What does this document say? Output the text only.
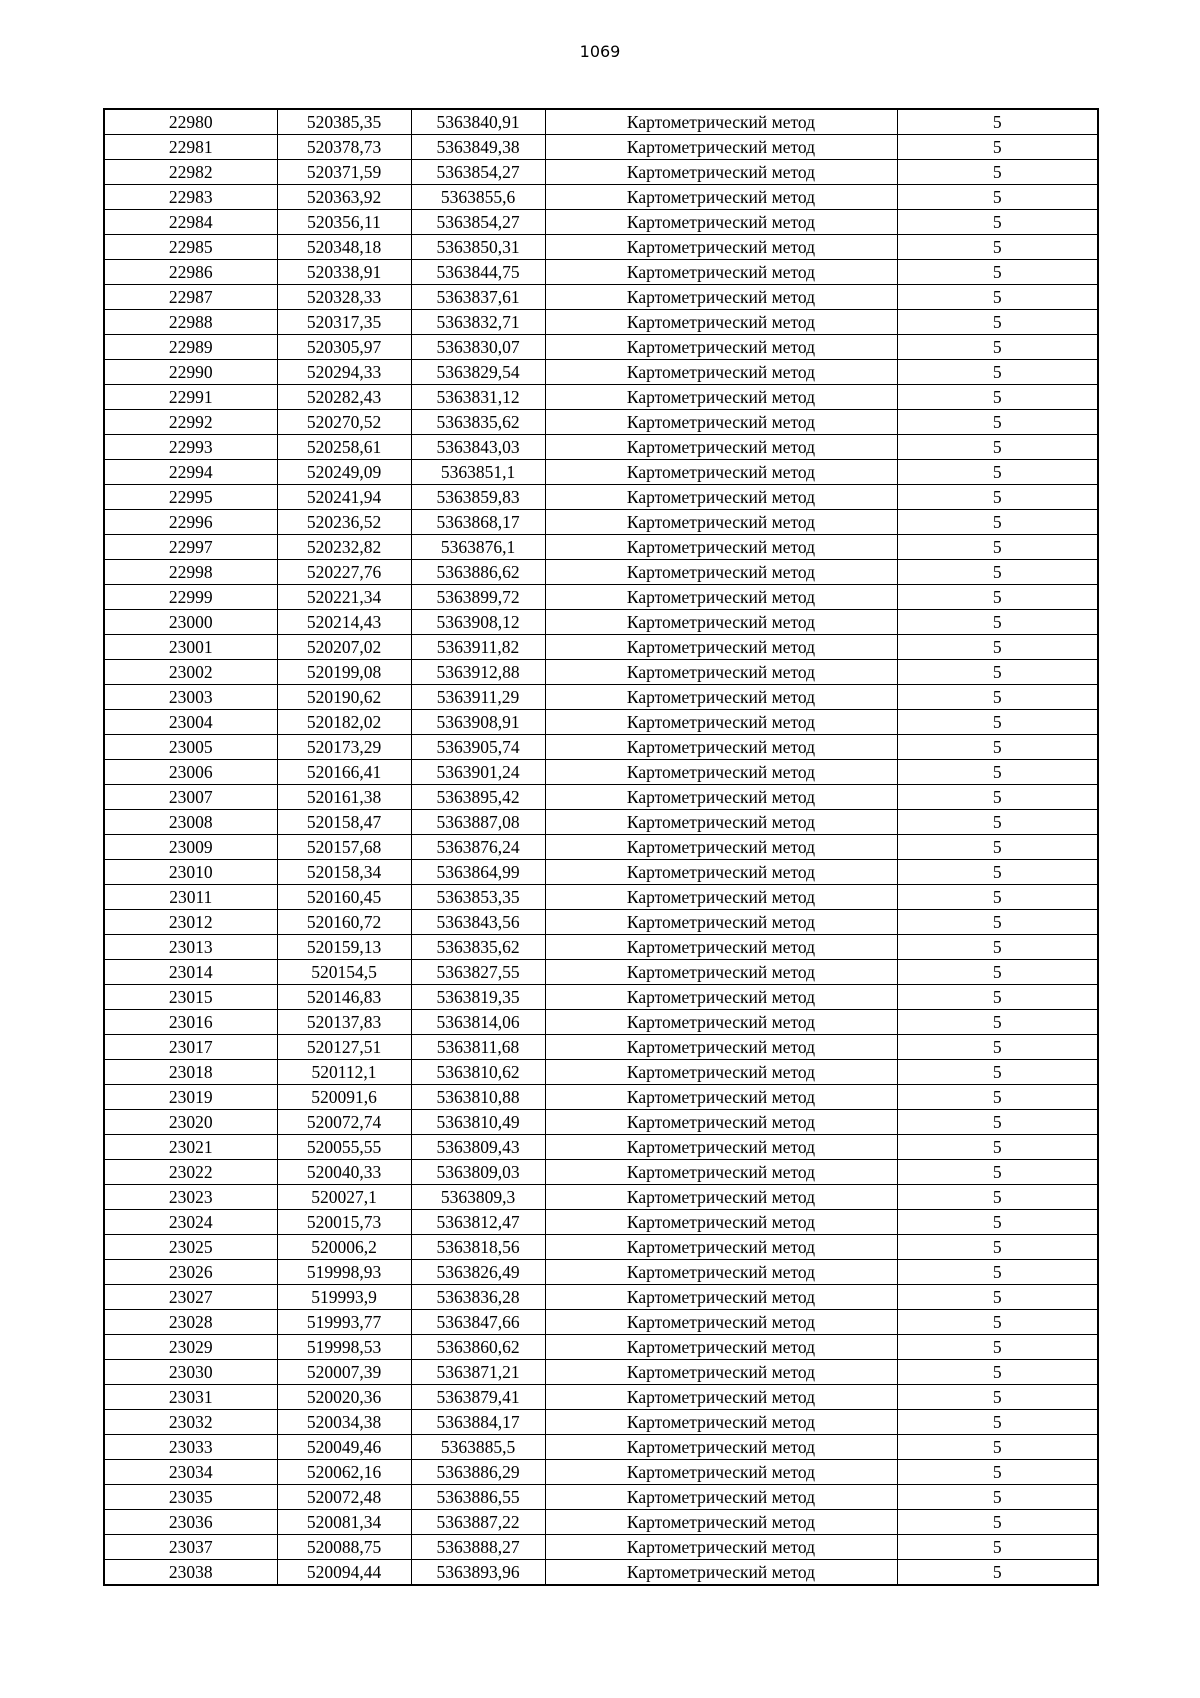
1069
22980	520385,35	5363840,91	Картометрический метод	5
22981	520378,73	5363849,38	Картометрический метод	5
22982	520371,59	5363854,27	Картометрический метод	5
22983	520363,92	5363855,6	Картометрический метод	5
22984	520356,11	5363854,27	Картометрический метод	5
22985	520348,18	5363850,31	Картометрический метод	5
22986	520338,91	5363844,75	Картометрический метод	5
22987	520328,33	5363837,61	Картометрический метод	5
22988	520317,35	5363832,71	Картометрический метод	5
22989	520305,97	5363830,07	Картометрический метод	5
22990	520294,33	5363829,54	Картометрический метод	5
22991	520282,43	5363831,12	Картометрический метод	5
22992	520270,52	5363835,62	Картометрический метод	5
22993	520258,61	5363843,03	Картометрический метод	5
22994	520249,09	5363851,1	Картометрический метод	5
22995	520241,94	5363859,83	Картометрический метод	5
22996	520236,52	5363868,17	Картометрический метод	5
22997	520232,82	5363876,1	Картометрический метод	5
22998	520227,76	5363886,62	Картометрический метод	5
22999	520221,34	5363899,72	Картометрический метод	5
23000	520214,43	5363908,12	Картометрический метод	5
23001	520207,02	5363911,82	Картометрический метод	5
23002	520199,08	5363912,88	Картометрический метод	5
23003	520190,62	5363911,29	Картометрический метод	5
23004	520182,02	5363908,91	Картометрический метод	5
23005	520173,29	5363905,74	Картометрический метод	5
23006	520166,41	5363901,24	Картометрический метод	5
23007	520161,38	5363895,42	Картометрический метод	5
23008	520158,47	5363887,08	Картометрический метод	5
23009	520157,68	5363876,24	Картометрический метод	5
23010	520158,34	5363864,99	Картометрический метод	5
23011	520160,45	5363853,35	Картометрический метод	5
23012	520160,72	5363843,56	Картометрический метод	5
23013	520159,13	5363835,62	Картометрический метод	5
23014	520154,5	5363827,55	Картометрический метод	5
23015	520146,83	5363819,35	Картометрический метод	5
23016	520137,83	5363814,06	Картометрический метод	5
23017	520127,51	5363811,68	Картометрический метод	5
23018	520112,1	5363810,62	Картометрический метод	5
23019	520091,6	5363810,88	Картометрический метод	5
23020	520072,74	5363810,49	Картометрический метод	5
23021	520055,55	5363809,43	Картометрический метод	5
23022	520040,33	5363809,03	Картометрический метод	5
23023	520027,1	5363809,3	Картометрический метод	5
23024	520015,73	5363812,47	Картометрический метод	5
23025	520006,2	5363818,56	Картометрический метод	5
23026	519998,93	5363826,49	Картометрический метод	5
23027	519993,9	5363836,28	Картометрический метод	5
23028	519993,77	5363847,66	Картометрический метод	5
23029	519998,53	5363860,62	Картометрический метод	5
23030	520007,39	5363871,21	Картометрический метод	5
23031	520020,36	5363879,41	Картометрический метод	5
23032	520034,38	5363884,17	Картометрический метод	5
23033	520049,46	5363885,5	Картометрический метод	5
23034	520062,16	5363886,29	Картометрический метод	5
23035	520072,48	5363886,55	Картометрический метод	5
23036	520081,34	5363887,22	Картометрический метод	5
23037	520088,75	5363888,27	Картометрический метод	5
23038	520094,44	5363893,96	Картометрический метод	5
